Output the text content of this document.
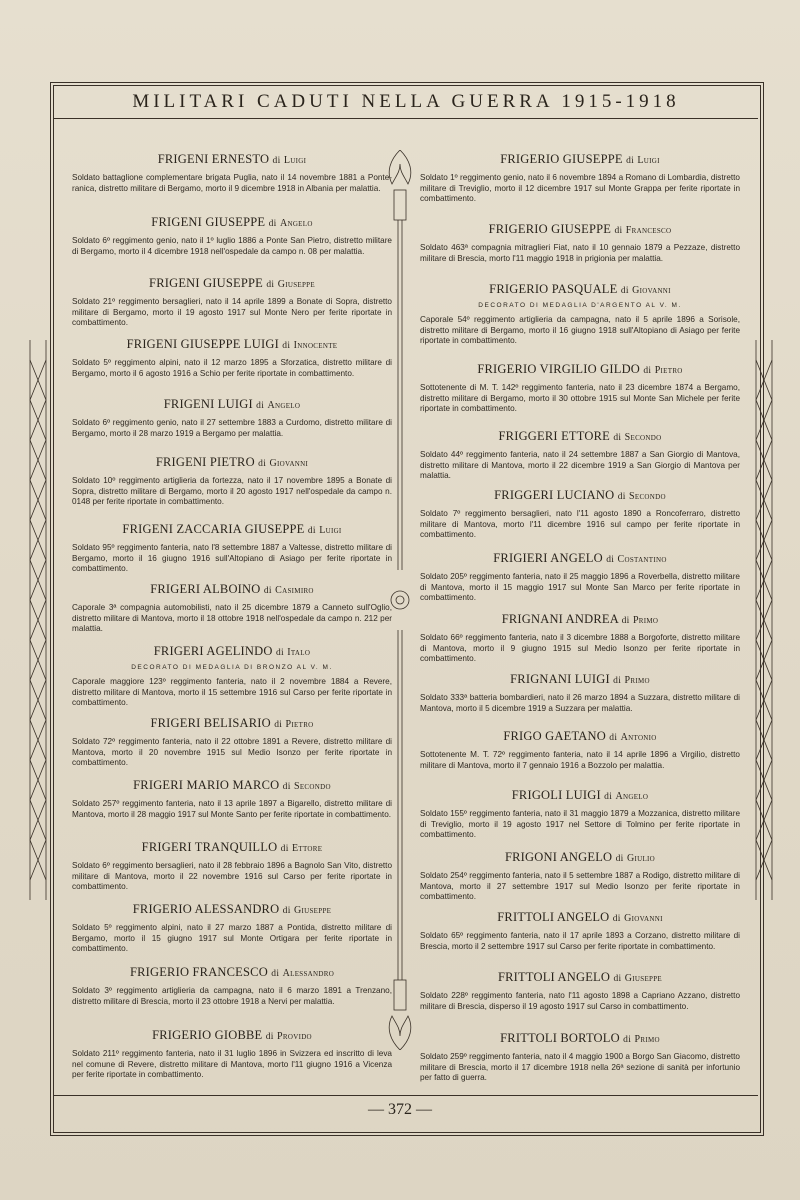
MILITARI CADUTI NELLA GUERRA 1915-1918
FRIGENI ERNESTO di Luigi

Soldato battaglione complementare brigata Puglia, nato il 14 novembre 1881 a Ponte-ranica, distretto militare di Bergamo, morto il 9 dicembre 1918 in Albania per malattia.

FRIGENI GIUSEPPE di Angelo

Soldato 6º reggimento genio, nato il 1º luglio 1886 a Ponte San Pietro, distretto militare di Bergamo, morto il 4 dicembre 1918 nell'ospedale da campo n. 08 per malattia.

FRIGENI GIUSEPPE di Giuseppe

Soldato 21º reggimento bersaglieri, nato il 14 aprile 1899 a Bonate di Sopra, distretto militare di Bergamo, morto il 19 agosto 1917 sul Monte Nero per ferite riportate in combattimento.

FRIGENI GIUSEPPE LUIGI di Innocente

Soldato 5º reggimento alpini, nato il 12 marzo 1895 a Sforzatica, distretto militare di Bergamo, morto il 6 agosto 1916 a Schio per ferite riportate in combattimento.

FRIGENI LUIGI di Angelo

Soldato 6º reggimento genio, nato il 27 settembre 1883 a Curdomo, distretto militare di Bergamo, morto il 28 marzo 1919 a Bergamo per malattia.

FRIGENI PIETRO di Giovanni

Soldato 10º reggimento artiglieria da fortezza, nato il 17 novembre 1895 a Bonate di Sopra, distretto militare di Bergamo, morto il 20 agosto 1917 nell'ospedale da campo n. 0148 per ferite riportate in combattimento.

FRIGENI ZACCARIA GIUSEPPE di Luigi

Soldato 95º reggimento fanteria, nato l'8 settembre 1887 a Valtesse, distretto militare di Bergamo, morto il 16 giugno 1916 sull'Altopiano di Asiago per ferite riportate in combattimento.

FRIGERI ALBOINO di Casimiro

Caporale 3ª compagnia automobilisti, nato il 25 dicembre 1879 a Canneto sull'Oglio, distretto militare di Mantova, morto il 18 ottobre 1918 nell'ospedale da campo n. 212 per malattia.

FRIGERI AGELINDO di Italo
DECORATO DI MEDAGLIA DI BRONZO AL V. M.

Caporale maggiore 123º reggimento fanteria, nato il 2 novembre 1884 a Revere, distretto militare di Mantova, morto il 15 settembre 1916 sul Carso per ferite riportate in combattimento.

FRIGERI BELISARIO di Pietro

Soldato 72º reggimento fanteria, nato il 22 ottobre 1891 a Revere, distretto militare di Mantova, morto il 20 novembre 1915 sul Medio Isonzo per ferite riportate in combattimento.

FRIGERI MARIO MARCO di Secondo

Soldato 257º reggimento fanteria, nato il 13 aprile 1897 a Bigarello, distretto militare di Mantova, morto il 28 maggio 1917 sul Monte Santo per ferite riportate in combattimento.

FRIGERI TRANQUILLO di Ettore

Soldato 6º reggimento bersaglieri, nato il 28 febbraio 1896 a Bagnolo San Vito, distretto militare di Mantova, morto il 22 novembre 1916 sul Carso per ferite riportate in combattimento.

FRIGERIO ALESSANDRO di Giuseppe

Soldato 5º reggimento alpini, nato il 27 marzo 1887 a Pontida, distretto militare di Bergamo, morto il 15 giugno 1917 sul Monte Ortigara per ferite riportate in combattimento.

FRIGERIO FRANCESCO di Alessandro

Soldato 3º reggimento artiglieria da campagna, nato il 6 marzo 1891 a Trenzano, distretto militare di Brescia, morto il 23 ottobre 1918 a Nervi per malattia.

FRIGERIO GIOBBE di Provido

Soldato 211º reggimento fanteria, nato il 31 luglio 1896 in Svizzera ed inscritto di leva nel comune di Revere, distretto militare di Mantova, morto l'11 giugno 1916 a Vicenza per ferite riportate in combattimento.

FRIGERIO GIUSEPPE di Luigi

Soldato 1º reggimento genio, nato il 6 novembre 1894 a Romano di Lombardia, distretto militare di Treviglio, morto il 12 dicembre 1917 sul Monte Grappa per ferite riportate in combattimento.

FRIGERIO GIUSEPPE di Francesco

Soldato 463ª compagnia mitraglieri Fiat, nato il 10 gennaio 1879 a Pezzaze, distretto militare di Brescia, morto l'11 maggio 1918 in prigionia per malattia.

FRIGERIO PASQUALE di Giovanni
DECORATO DI MEDAGLIA D'ARGENTO AL V. M.

Caporale 54º reggimento artiglieria da campagna, nato il 5 aprile 1896 a Sorisole, distretto militare di Bergamo, morto il 16 giugno 1918 sull'Altopiano di Asiago per ferite riportate in combattimento.

FRIGERIO VIRGILIO GILDO di Pietro

Sottotenente di M. T. 142º reggimento fanteria, nato il 23 dicembre 1874 a Bergamo, distretto militare di Bergamo, morto il 30 ottobre 1915 sul Monte San Michele per ferite riportate in combattimento.

FRIGGERI ETTORE di Secondo

Soldato 44º reggimento fanteria, nato il 24 settembre 1887 a San Giorgio di Mantova, distretto militare di Mantova, morto il 22 dicembre 1919 a San Giorgio di Mantova per malattia.

FRIGGERI LUCIANO di Secondo

Soldato 7º reggimento bersaglieri, nato l'11 agosto 1890 a Roncoferraro, distretto militare di Mantova, morto l'11 dicembre 1916 sul campo per ferite riportate in combattimento.

FRIGIERI ANGELO di Costantino

Soldato 205º reggimento fanteria, nato il 25 maggio 1896 a Roverbella, distretto militare di Mantova, morto il 15 maggio 1917 sul Monte San Marco per ferite riportate in combattimento.

FRIGNANI ANDREA di Primo

Soldato 66º reggimento fanteria, nato il 3 dicembre 1888 a Borgoforte, distretto militare di Mantova, morto il 9 giugno 1915 sul Medio Isonzo per ferite riportate in combattimento.

FRIGNANI LUIGI di Primo

Soldato 333ª batteria bombardieri, nato il 26 marzo 1894 a Suzzara, distretto militare di Mantova, morto il 5 dicembre 1919 a Suzzara per malattia.

FRIGO GAETANO di Antonio

Sottotenente M. T. 72º reggimento fanteria, nato il 14 aprile 1896 a Virgilio, distretto militare di Mantova, morto il 7 gennaio 1916 a Bozzolo per malattia.

FRIGOLI LUIGI di Angelo

Soldato 155º reggimento fanteria, nato il 31 maggio 1879 a Mozzanica, distretto militare di Treviglio, morto il 19 agosto 1917 nel Settore di Tolmino per ferite riportate in combattimento.

FRIGONI ANGELO di Giulio

Soldato 254º reggimento fanteria, nato il 5 settembre 1887 a Rodigo, distretto militare di Mantova, morto il 27 settembre 1917 sul Medio Isonzo per ferite riportate in combattimento.

FRITTOLI ANGELO di Giovanni

Soldato 65º reggimento fanteria, nato il 17 aprile 1893 a Corzano, distretto militare di Brescia, morto il 2 settembre 1917 sul Carso per ferite riportate in combattimento.

FRITTOLI ANGELO di Giuseppe

Soldato 228º reggimento fanteria, nato l'11 agosto 1898 a Capriano Azzano, distretto militare di Brescia, disperso il 19 agosto 1917 sul Carso in combattimento.

FRITTOLI BORTOLO di Primo

Soldato 259º reggimento fanteria, nato il 4 maggio 1900 a Borgo San Giacomo, distretto militare di Brescia, morto il 17 dicembre 1918 nella 26ª sezione di sanità per infortunio per fatto di guerra.

— 372 —
